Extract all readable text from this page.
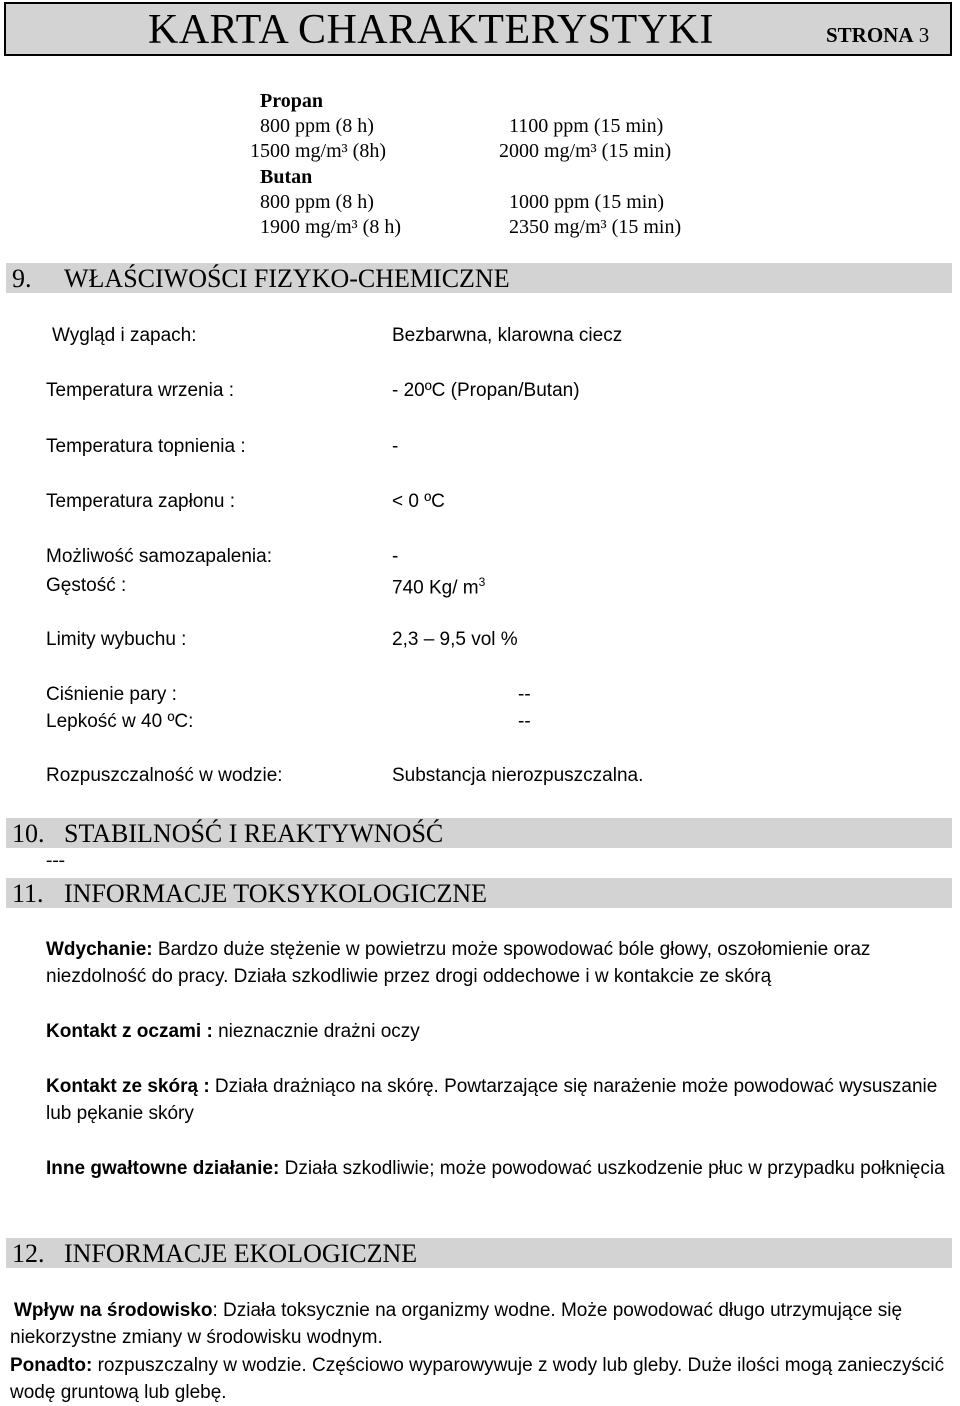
KARTA CHARAKTERYSTYKI	STRONA 3
Propan
800 ppm (8 h)	1100 ppm (15 min)
1500 mg/m³ (8h)	2000 mg/m³ (15 min)
Butan
800 ppm (8 h)	1000 ppm (15 min)
1900 mg/m³ (8 h)	2350 mg/m³ (15 min)
9. WŁAŚCIWOŚCI FIZYKO-CHEMICZNE
Wygląd i zapach:	Bezbarwna, klarowna ciecz
Temperatura wrzenia :	- 20ºC (Propan/Butan)
Temperatura topnienia :	-
Temperatura zapłonu :	< 0 ºC
Możliwość samozapalenia:	-
Gęstość :	740 Kg/ $m^3$
Limity wybuchu :	2,3 – 9,5 vol %
Ciśnienie pary :	--
Lepkość w 40 ºC:	--
Rozpuszczalność w wodzie:	Substancja nierozpuszczalna.
10. STABILNOŚĆ I REAKTYWNOŚĆ
---
11. INFORMACJE TOKSYKOLOGICZNE
Wdychanie: Bardzo duże stężenie w powietrzu może spowodować bóle głowy, oszołomienie oraz niezdolność do pracy. Działa szkodliwie przez drogi oddechowe i w kontakcie ze skórą
Kontakt z oczami : nieznacznie drażni oczy
Kontakt ze skórą : Działa drażniąco na skórę. Powtarzające się narażenie może powodować wysuszanie lub pękanie skóry
Inne gwałtowne działanie: Działa szkodliwie; może powodować uszkodzenie płuc w przypadku połknięcia
12. INFORMACJE EKOLOGICZNE
Wpływ na środowisko: Działa toksycznie na organizmy wodne. Może powodować długo utrzymujące się niekorzystne zmiany w środowisku wodnym.
Ponadto: rozpuszczalny w wodzie. Częściowo wyparowywuje z wody lub gleby. Duże ilości mogą zanieczyścić wodę gruntową lub glebę.
